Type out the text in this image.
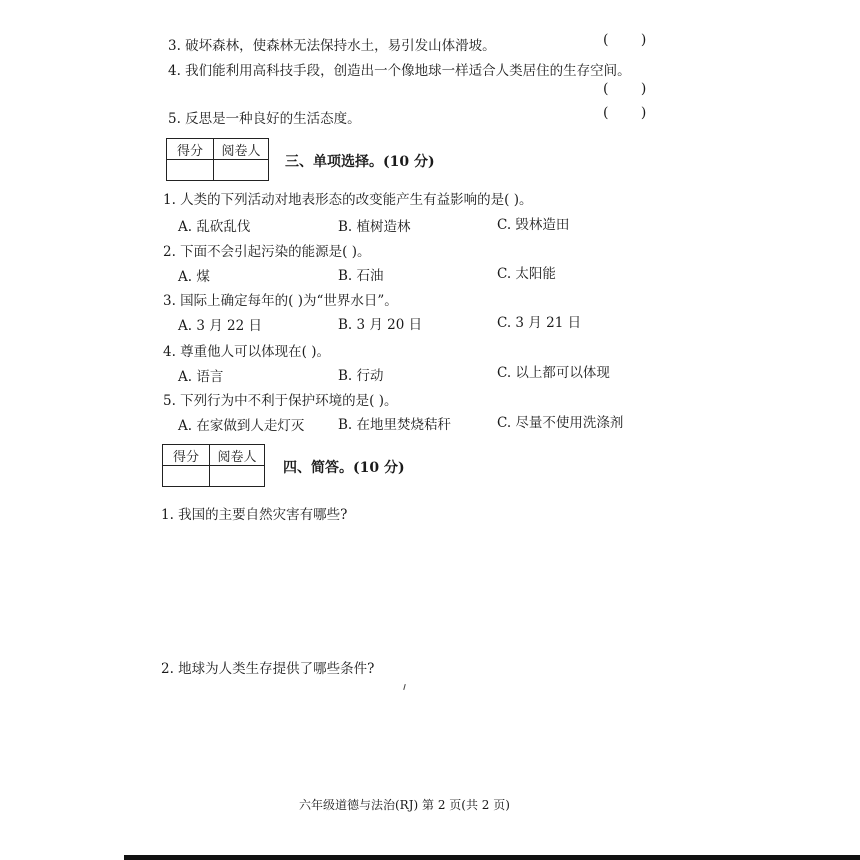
3. 破坏森林，使森林无法保持水土，易引发山体滑坡。	( )
4. 我们能利用高科技手段，创造出一个像地球一样适合人类居住的生存空间。
( )
5. 反思是一种良好的生活态度。	( )
得分	阅卷人

三、单项选择。(10 分)
1. 人类的下列活动对地表形态的改变能产生有益影响的是( )。
A. 乱砍乱伐	B. 植树造林	C. 毁林造田
2. 下面不会引起污染的能源是( )。
A. 煤	B. 石油	C. 太阳能
3. 国际上确定每年的( )为“世界水日”。
A. 3 月 22 日	B. 3 月 20 日	C. 3 月 21 日
4. 尊重他人可以体现在( )。
A. 语言	B. 行动	C. 以上都可以体现
5. 下列行为中不利于保护环境的是( )。
A. 在家做到人走灯灭 B. 在地里焚烧秸秆	C. 尽量不使用洗涤剂
得分	阅卷人

四、简答。(10 分)
1. 我国的主要自然灾害有哪些?
2. 地球为人类生存提供了哪些条件?
六年级道德与法治(RJ) 第 2 页(共 2 页)
